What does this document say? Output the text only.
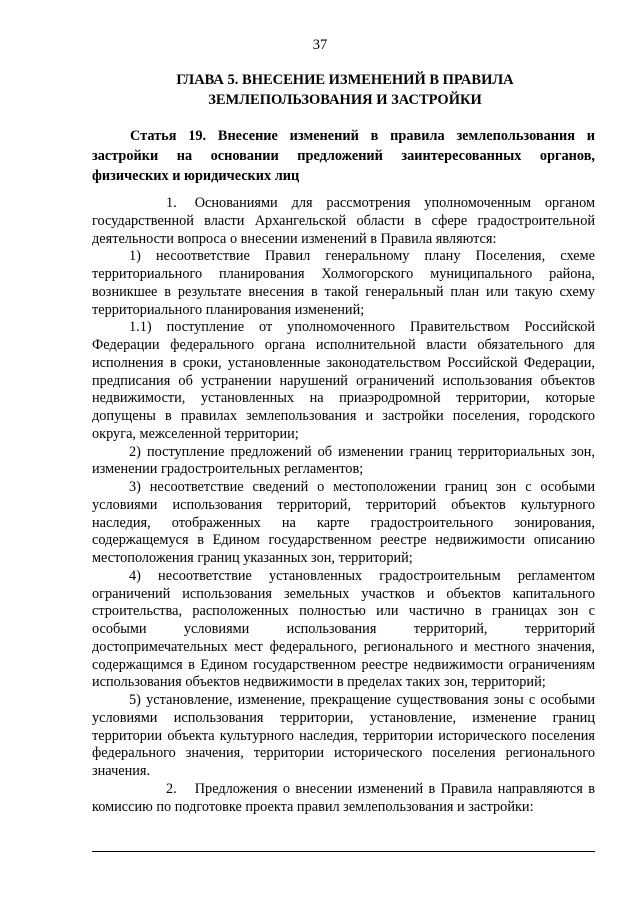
37
ГЛАВА 5. ВНЕСЕНИЕ ИЗМЕНЕНИЙ В ПРАВИЛА ЗЕМЛЕПОЛЬЗОВАНИЯ И ЗАСТРОЙКИ
Статья 19. Внесение изменений в правила землепользования и застройки на основании предложений заинтересованных органов, физических и юридических лиц

1. Основаниями для рассмотрения уполномоченным органом государственной власти Архангельской области в сфере градостроительной деятельности вопроса о внесении изменений в Правила являются:

1) несоответствие Правил генеральному плану Поселения, схеме территориального планирования Холмогорского муниципального района, возникшее в результате внесения в такой генеральный план или такую схему территориального планирования изменений;

1.1) поступление от уполномоченного Правительством Российской Федерации федерального органа исполнительной власти обязательного для исполнения в сроки, установленные законодательством Российской Федерации, предписания об устранении нарушений ограничений использования объектов недвижимости, установленных на приаэродромной территории, которые допущены в правилах землепользования и застройки поселения, городского округа, межселенной территории;

2) поступление предложений об изменении границ территориальных зон, изменении градостроительных регламентов;

3) несоответствие сведений о местоположении границ зон с особыми условиями использования территорий, территорий объектов культурного наследия, отображенных на карте градостроительного зонирования, содержащемуся в Едином государственном реестре недвижимости описанию местоположения границ указанных зон, территорий;

4) несоответствие установленных градостроительным регламентом ограничений использования земельных участков и объектов капитального строительства, расположенных полностью или частично в границах зон с особыми условиями использования территорий, территорий достопримечательных мест федерального, регионального и местного значения, содержащимся в Едином государственном реестре недвижимости ограничениям использования объектов недвижимости в пределах таких зон, территорий;

5) установление, изменение, прекращение существования зоны с особыми условиями использования территории, установление, изменение границ территории объекта культурного наследия, территории исторического поселения федерального значения, территории исторического поселения регионального значения.

2. Предложения о внесении изменений в Правила направляются в комиссию по подготовке проекта правил землепользования и застройки:
